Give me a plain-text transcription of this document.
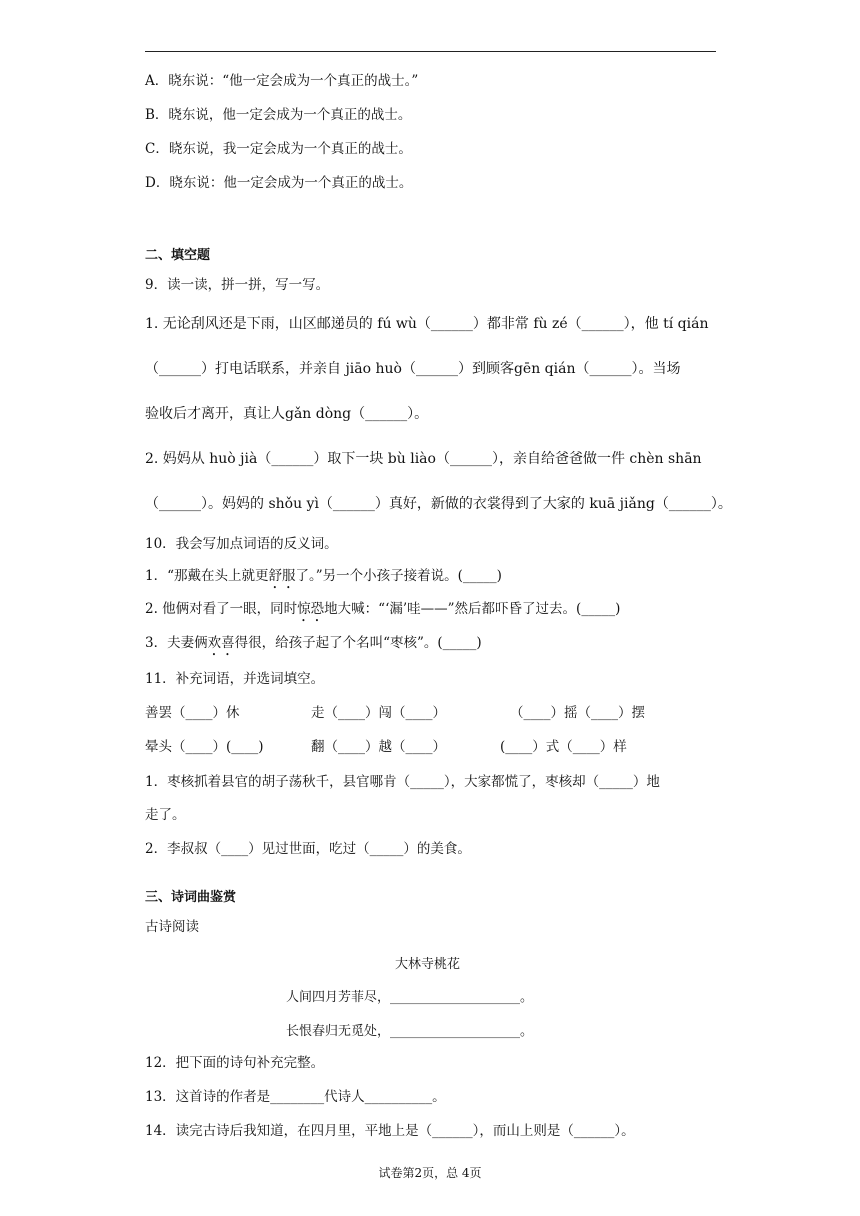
A．晓东说：“他一定会成为一个真正的战士。”
B．晓东说，他一定会成为一个真正的战士。
C．晓东说，我一定会成为一个真正的战士。
D．晓东说：他一定会成为一个真正的战士。
二、填空题
9．读一读，拼一拼，写一写。
1. 无论刮风还是下雨，山区邮递员的 fú wù（______）都非常 fù zé（______），他 tí qián
（______）打电话联系，并亲自 jiāo huò（______）到顾客gēn qián（______）。当场
验收后才离开，真让人gǎn dòng（______）。
2. 妈妈从 huò jià（______）取下一块 bù liào（______），亲自给爸爸做一件 chèn shān
（______）。妈妈的 shǒu yì（______）真好，新做的衣裳得到了大家的 kuā jiǎng（______）。
10．我会写加点词语的反义词。
1．“那戴在头上就更舒服了。”另一个小孩子接着说。(_____)
2. 他俩对看了一眼，同时惊恐地大喊：“‘漏’哇——”然后都吓昏了过去。(_____)
3．夫妻俩欢喜得很，给孩子起了个名叫“枣核”。(_____)
11．补充词语，并选词填空。
善罢（____）休	走（____）闯（____）	（____）摇（____）摆
晕头（____）(____)	翻（____）越（____）	(____）式（____）样
1．枣核抓着县官的胡子荡秋千，县官哪肯（_____），大家都慌了，枣核却（_____）地
走了。
2．李叔叔（____）见过世面，吃过（_____）的美食。
三、诗词曲鉴赏
古诗阅读
大林寺桃花
人间四月芳菲尽，____________________。
长恨春归无觅处，____________________。
12．把下面的诗句补充完整。
13．这首诗的作者是________代诗人__________。
14．读完古诗后我知道，在四月里，平地上是（______），而山上则是（______）。
试卷第2页，总 4页
